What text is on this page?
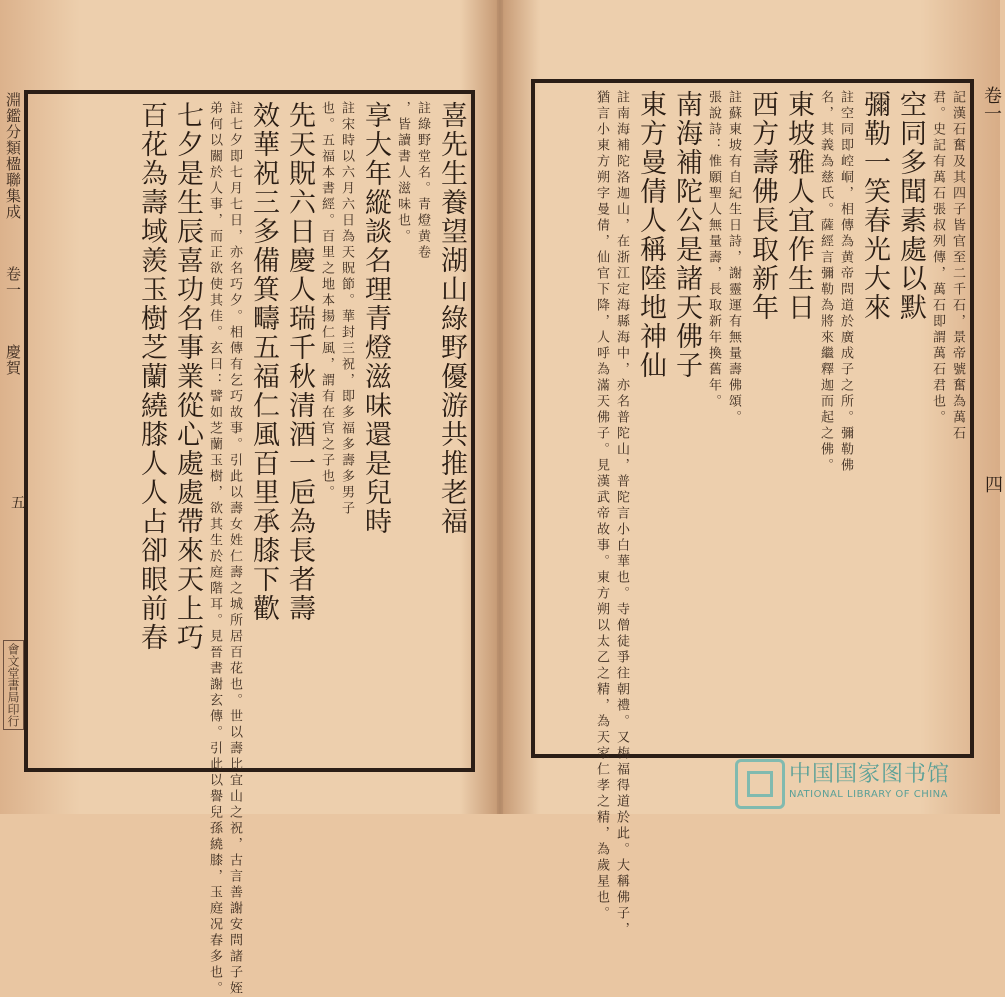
淵鑑分類楹聯集成 卷一 慶賀
五
會文堂書局印行
喜先生養望湖山綠野優游共推老福
註綠野堂名。青燈黄卷
，皆讀書人滋味也。
享大年縱談名理青燈滋味還是兒時
註宋時以六月六日為天貺節。華封三祝，即多福多壽多男子
也。五福本書經。百里之地本揚仁風，謂有在官之子也。
先天貺六日慶人瑞千秋清酒一巵為長者壽
效華祝三多備箕疇五福仁風百里承膝下歡
註七夕即七月七日，亦名巧夕。相傳有乞巧故事。引此以壽女姓仁壽之城所居百花也。世以壽比宜山之祝，古言善謝安問諸子姪
弟何以關於人事，而正欲使其佳。玄曰：譬如芝蘭玉樹，欲其生於庭階耳。見晉書謝玄傳。引此以譽兒孫繞膝，玉庭况春多也。
七夕是生辰喜功名事業從心處處帶來天上巧
百花為壽域羨玉樹芝蘭繞膝人人占卻眼前春	卷一
四
記漢石奮及其四子皆官至二千石，景帝號奮為萬石
君。史記有萬石張叔列傳，萬石即謂萬石君也。
空同多聞素處以默
彌勒一笑春光大來
註空同即崆峒，相傳為黄帝問道於廣成子之所。彌勒佛
名，其義為慈氏。薩經言彌勒為將來繼釋迦而起之佛。
東坡雅人宜作生日
西方壽佛長取新年
註蘇東坡有自紀生日詩，謝靈運有無量壽佛頌。
張說詩：惟願聖人無量壽，長取新年換舊年。
南海補陀公是諸天佛子
東方曼倩人稱陸地神仙
註南海補陀洛迦山，在浙江定海縣海中，亦名普陀山，普陀言小白華也。寺僧徒爭往朝禮。又梅福得道於此。大稱佛子，
猶言小東方朔字曼倩，仙官下降，人呼為滿天佛子。見漢武帝故事。東方朔以太乙之精，為天家仁孝之精，為歲星也。	中国国家图书馆
NATIONAL LIBRARY OF CHINA
